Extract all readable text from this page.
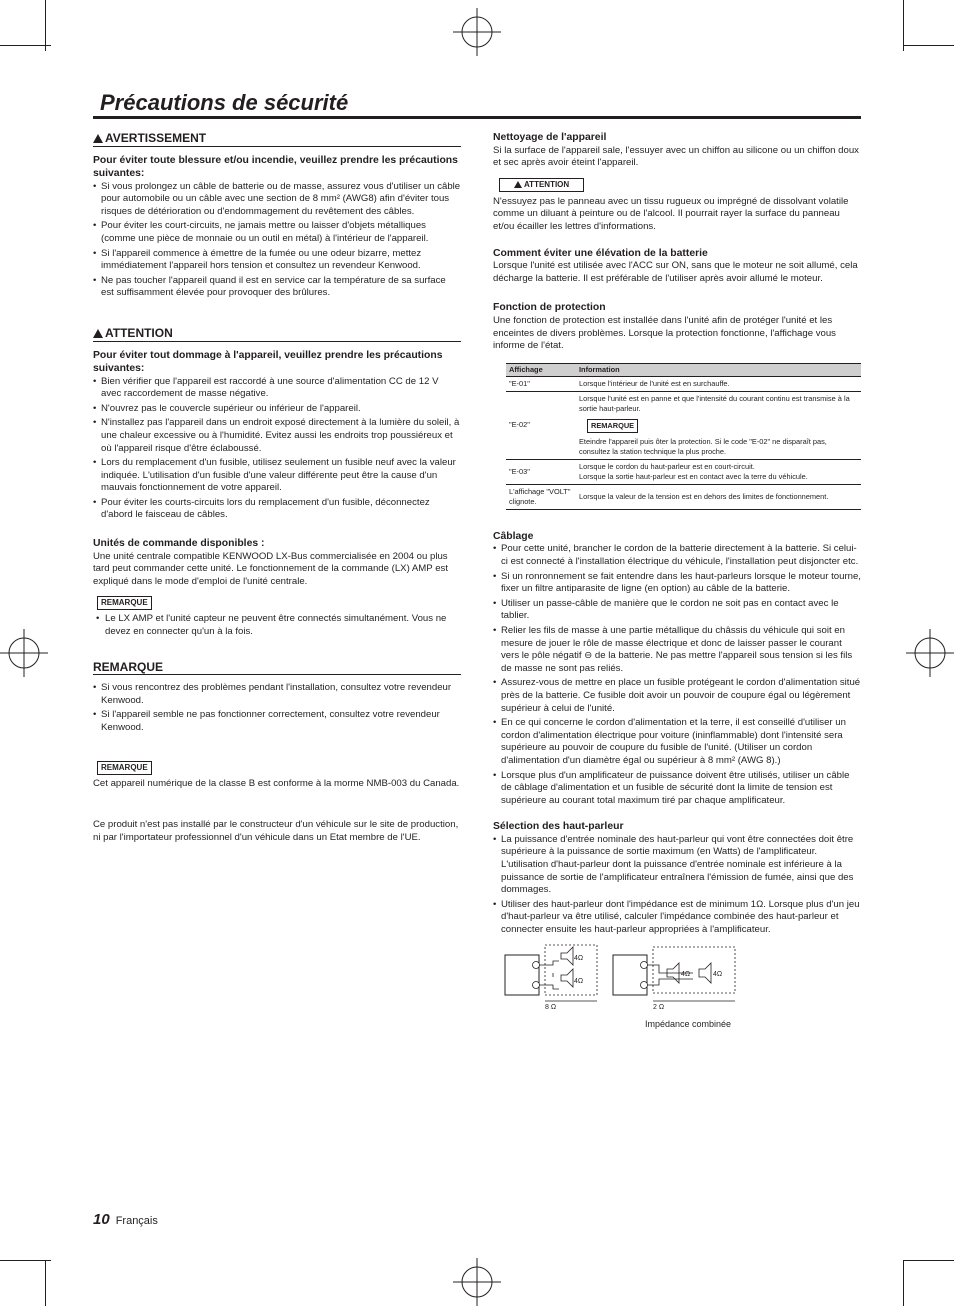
Précautions de sécurité
AVERTISSEMENT

Pour éviter toute blessure et/ou incendie, veuillez prendre les précautions suivantes:

• Si vous prolongez un câble de batterie ou de masse, assurez vous d'utiliser un câble pour automobile ou un câble avec une section de 8 mm² (AWG8) afin d'éviter tous risques de détérioration ou d'endommagement du revêtement des câbles.
• Pour éviter les court-circuits, ne jamais mettre ou laisser d'objets métalliques (comme une pièce de monnaie ou un outil en métal) à l'intérieur de l'appareil.
• Si l'appareil commence à émettre de la fumée ou une odeur bizarre, mettez immédiatement l'appareil hors tension et consultez un revendeur Kenwood.
• Ne pas toucher l'appareil quand il est en service car la température de sa surface est suffisamment élevée pour provoquer des brûlures.
ATTENTION

Pour éviter tout dommage à l'appareil, veuillez prendre les précautions suivantes:

• Bien vérifier que l'appareil est raccordé à une source d'alimentation CC de 12 V avec raccordement de masse négative.
• N'ouvrez pas le couvercle supérieur ou inférieur de l'appareil.
• N'installez pas l'appareil dans un endroit exposé directement à la lumière du soleil, à une chaleur excessive ou à l'humidité. Evitez aussi les endroits trop poussiéreux et où l'appareil risque d'être éclaboussé.
• Lors du remplacement d'un fusible, utilisez seulement un fusible neuf avec la valeur indiquée. L'utilisation d'un fusible d'une valeur différente peut être la cause d'un mauvais fonctionnement de votre appareil.
• Pour éviter les courts-circuits lors du remplacement d'un fusible, déconnectez d'abord le faisceau de câbles.

Unités de commande disponibles :

Une unité centrale compatible KENWOOD LX-Bus commercialisée en 2004 ou plus tard peut commander cette unité. Le fonctionnement de la commande (LX) AMP est expliqué dans le mode d'emploi de l'unité centrale.

REMARQUE
• Le LX AMP et l'unité capteur ne peuvent être connectés simultanément. Vous ne devez en connecter qu'un à la fois.
REMARQUE
• Si vous rencontrez des problèmes pendant l'installation, consultez votre revendeur Kenwood.
• Si l'appareil semble ne pas fonctionner correctement, consultez votre revendeur Kenwood.
REMARQUE

Cet appareil numérique de la classe B est conforme à la morme NMB-003 du Canada.

Ce produit n'est pas installé par le constructeur d'un véhicule sur le site de production, ni par l'importateur professionnel d'un véhicule dans un Etat membre de l'UE.

Nettoyage de l'appareil

Si la surface de l'appareil sale, l'essuyer avec un chiffon au silicone ou un chiffon doux et sec après avoir éteint l'appareil.

ATTENTION

N'essuyez pas le panneau avec un tissu rugueux ou imprégné de dissolvant volatile comme un diluant à peinture ou de l'alcool. Il pourrait rayer la surface du panneau et/ou écailler les lettres d'informations.

Comment éviter une élévation de la batterie

Lorsque l'unité est utilisée avec l'ACC sur ON, sans que le moteur ne soit allumé, cela décharge la batterie. Il est préférable de l'utiliser après avoir allumé le moteur.

Fonction de protection

Une fonction de protection est installée dans l'unité afin de protéger l'unité et les enceintes de divers problèmes. Lorsque la protection fonctionne, l'affichage vous informe de l'état.

Affichage	Information
"E-01"	Lorsque l'intérieur de l'unité est en surchauffe.
"E-02"	Lorsque l'unité est en panne et que l'intensité du courant continu est transmise à la sortie haut-parleur.
REMARQUE
Eteindre l'appareil puis ôter la protection. Si le code "E-02" ne disparaît pas, consultez la station technique la plus proche.

"E-03"	Lorsque le cordon du haut-parleur est en court-circuit.
Lorsque la sortie haut-parleur est en contact avec la terre du véhicule.
L'affichage "VOLT" clignote.	Lorsque la valeur de la tension est en dehors des limites de fonctionnement.

Câblage

• Pour cette unité, brancher le cordon de la batterie directement à la batterie. Si celui-ci est connecté à l'installation électrique du véhicule, l'installation peut disjoncter etc.
• Si un ronronnement se fait entendre dans les haut-parleurs lorsque le moteur tourne, fixer un filtre antiparasite de ligne (en option) au câble de la batterie.
• Utiliser un passe-câble de manière que le cordon ne soit pas en contact avec le tablier.
• Relier les fils de masse à une partie métallique du châssis du véhicule qui soit en mesure de jouer le rôle de masse électrique et donc de laisser passer le courant vers le pôle négatif ⊖ de la batterie. Ne pas mettre l'appareil sous tension si les fils de masse ne sont pas reliés.
• Assurez-vous de mettre en place un fusible protégeant le cordon d'alimentation situé près de la batterie. Ce fusible doit avoir un pouvoir de coupure égal ou légèrement supérieur à celui de l'unité.
• En ce qui concerne le cordon d'alimentation et la terre, il est conseillé d'utiliser un cordon d'alimentation électrique pour voiture (ininflammable) dont l'intensité sera supérieure au pouvoir de coupure du fusible de l'unité. (Utiliser un cordon d'alimentation d'un diamètre égal ou supérieur à 8 mm² (AWG 8).)
• Lorsque plus d'un amplificateur de puissance doivent être utilisés, utiliser un câble de câblage d'alimentation et un fusible de sécurité dont la limite de tension est supérieure au courant total maximum tiré par chaque amplificateur.

Sélection des haut-parleur

• La puissance d'entrée nominale des haut-parleur qui vont être connectées doit être supérieure à la puissance de sortie maximum (en Watts) de l'amplificateur. L'utilisation d'haut-parleur dont la puissance d'entrée nominale est inférieure à la puissance de sortie de l'amplificateur entraînera l'émission de fumée, ainsi que des dommages.
• Utiliser des haut-parleur dont l'impédance est de minimum 1Ω. Lorsque plus d'un jeu d'haut-parleur va être utilisé, calculer l'impédance combinée des haut-parleur et connecter ensuite les haut-parleur appropriées à l'amplificateur.
4Ω
4Ω
8 Ω
4Ω	4Ω
2 Ω
Impédance combinée
10 Français
